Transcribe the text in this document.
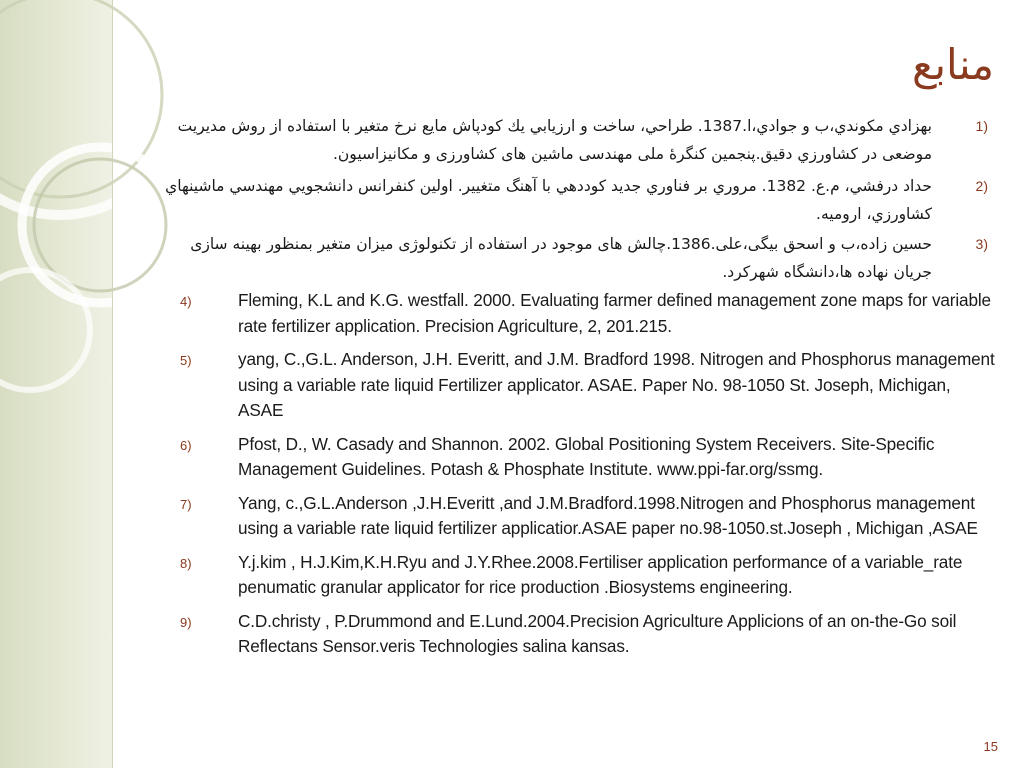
منابع
1)
بهزادي مكوندي،ب و جوادي،ا.1387. طراحي، ساخت و ارزيابي يك كودپاش مايع نرخ متغير با استفاده از روش مديريت موضعی در كشاورزي دقيق.پنجمين كنگرۀ ملی مهندسی ماشين های كشاورزی و مكانيزاسيون.
2)
حداد درفشي، م.ع. 1382. مروري بر فناوري جديد كوددهي با آهنگ متغيير. اولين كنفرانس دانشجويي مهندسي ماشينهاي كشاورزي، اروميه.
3)
حسين زاده،ب و اسحق بيگی،علی.1386.چالش های موجود در استفاده از تكنولوژی ميزان متغير بمنظور بهينه سازی جريان نهاده ها،دانشگاه شهركرد.
4)	Fleming, K.L and K.G. westfall. 2000. Evaluating farmer defined management zone maps for variable rate fertilizer application. Precision Agriculture, 2, 201.215.
5)	yang, C.,G.L. Anderson, J.H. Everitt, and J.M. Bradford 1998. Nitrogen and Phosphorus management using a variable rate liquid Fertilizer applicator. ASAE. Paper No. 98-1050 St. Joseph, Michigan, ASAE
6)	Pfost, D., W. Casady and Shannon. 2002. Global Positioning System Receivers. Site-Specific Management Guidelines. Potash & Phosphate Institute. www.ppi-far.org/ssmg.
7)	Yang, c.,G.L.Anderson ,J.H.Everitt ,and J.M.Bradford.1998.Nitrogen and Phosphorus management using a variable rate liquid fertilizer applicatior.ASAE paper no.98-1050.st.Joseph , Michigan ,ASAE
8)	Y.j.kim , H.J.Kim,K.H.Ryu and J.Y.Rhee.2008.Fertiliser application performance of a variable_rate penumatic granular applicator for rice production .Biosystems engineering.
9)	C.D.christy , P.Drummond and E.Lund.2004.Precision Agriculture Applicions of an on-the-Go soil Reflectans Sensor.veris Technologies salina kansas.
15
